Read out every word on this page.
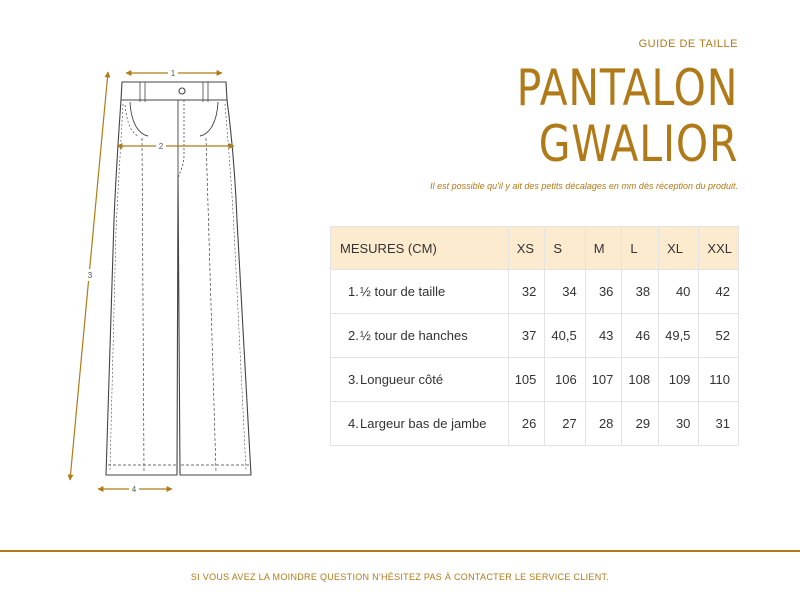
GUIDE DE TAILLE
PANTALON
GWALIOR
Il est possible qu'il y ait des petits décalages en mm dès réception du produit.
1
2
3
4
MESURES (CM)	XS	S	M	L	XL	XXL
1.½ tour de taille	32	34	36	38	40	42
2.½ tour de hanches	37	40,5	43	46	49,5	52
3.Longueur côté	105	106	107	108	109	110
4.Largeur bas de jambe	26	27	28	29	30	31
SI VOUS AVEZ LA MOINDRE QUESTION N'HÉSITEZ PAS À CONTACTER LE SERVICE CLIENT.
